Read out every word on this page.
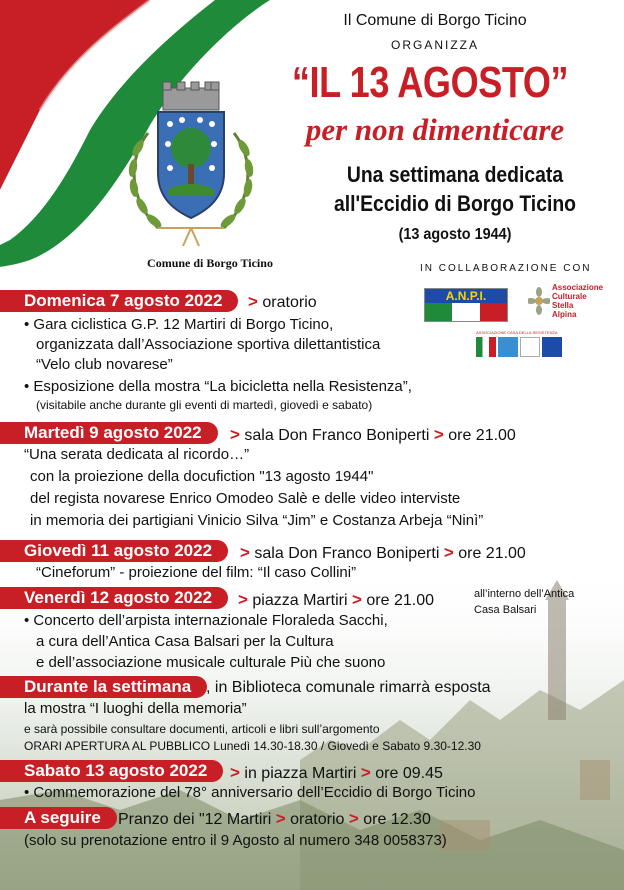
Il Comune di Borgo Ticino
ORGANIZZA
“IL 13 AGOSTO”
per non dimenticare
Una settimana dedicata
all'Eccidio di Borgo Ticino
(13 agosto 1944)
Comune di Borgo Ticino	IN COLLABORAZIONE CON
A.N.P.I.
Associazione
Culturale
Stella
Alpina
ASSOCIAZIONE CASA DELLA RESISTENZA
Domenica 7 agosto 2022	> oratorio
• Gara ciclistica G.P. 12 Martiri di Borgo Ticino,
organizzata dall’Associazione sportiva dilettantistica
“Velo club novarese”
• Esposizione della mostra “La bicicletta nella Resistenza”,
(visitabile anche durante gli eventi di martedì, giovedì e sabato)
Martedì 9 agosto 2022	> sala Don Franco Boniperti > ore 21.00
“Una serata dedicata al ricordo…”
con la proiezione della docufiction "13 agosto 1944"
del regista novarese Enrico Omodeo Salè e delle video interviste
in memoria dei partigiani Vinicio Silva “Jim” e Costanza Arbeja “Ninì”
Giovedì 11 agosto 2022	> sala Don Franco Boniperti > ore 21.00
“Cineforum” - proiezione del film: “Il caso Collini”
Venerdì 12 agosto 2022	> piazza Martiri > ore 21.00	all’interno dell’Antica
Casa Balsari
• Concerto dell’arpista internazionale Floraleda Sacchi,
a cura dell’Antica Casa Balsari per la Cultura
e dell’associazione musicale culturale Più che suono
Durante la settimana , in Biblioteca comunale rimarrà esposta
la mostra “I luoghi della memoria”
e sarà possibile consultare documenti, articoli e libri sull’argomento
ORARI APERTURA AL PUBBLICO Lunedì 14.30-18.30 / Giovedì e Sabato 9.30-12.30
Sabato 13 agosto 2022	> in piazza Martiri > ore 09.45
• Commemorazione del 78° anniversario dell’Eccidio di Borgo Ticino
A seguire	Pranzo dei "12 Martiri > oratorio > ore 12.30
(solo su prenotazione entro il 9 Agosto al numero 348 0058373)
